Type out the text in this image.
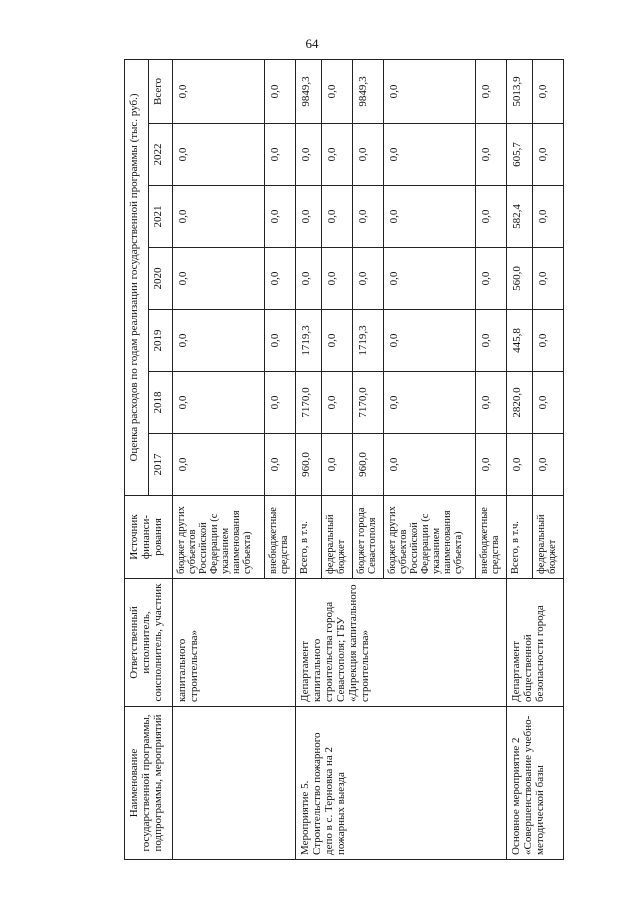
64
Наименование государственной программы, подпрограммы, мероприятий	Ответственный исполнитель, соисполнитель, участник	Источник финанси-рования	Оценка расходов по годам реализации государственной программы (тыс. руб.)						
			2017	2018	2019	2020	2021	2022	Всего
	капитального строительства»	бюджет других субъектов Российской Федерации (с указанием наименования субъекта)	0,0	0,0	0,0	0,0	0,0	0,0	0,0
		внебюджетные средства	0,0	0,0	0,0	0,0	0,0	0,0	0,0
Мероприятие 5. Строительство пожарного депо в с. Терновка на 2 пожарных выезда	Департамент капитального строительства города Севастополя; ГБУ «Дирекция капитального строительства»	Всего, в т.ч.	960,0	7170,0	1719,3	0,0	0,0	0,0	9849,3
		федеральный бюджет	0,0	0,0	0,0	0,0	0,0	0,0	0,0
		бюджет города Севастополя	960,0	7170,0	1719,3	0,0	0,0	0,0	9849,3
		бюджет других субъектов Российской Федерации (с указанием наименования субъекта)	0,0	0,0	0,0	0,0	0,0	0,0	0,0
		внебюджетные средства	0,0	0,0	0,0	0,0	0,0	0,0	0,0
Основное мероприятие 2 «Совершенствование учебно-методической базы	Департамент общественной безопасности города	Всего, в т.ч.	0,0	2820,0	445,8	560,0	582,4	605,7	5013,9
		федеральный бюджет	0,0	0,0	0,0	0,0	0,0	0,0	0,0
